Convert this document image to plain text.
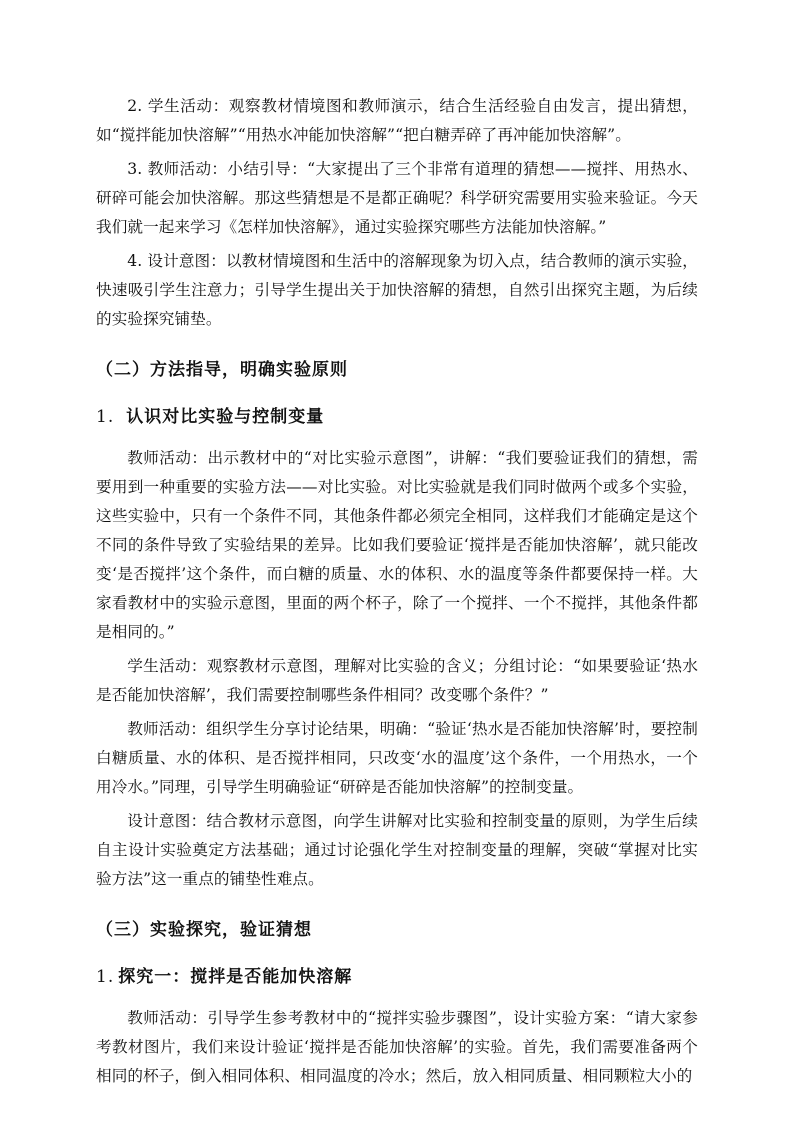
2. 学生活动：观察教材情境图和教师演示，结合生活经验自由发言，提出猜想，如“搅拌能加快溶解”“用热水冲能加快溶解”“把白糖弄碎了再冲能加快溶解”。

3. 教师活动：小结引导：“大家提出了三个非常有道理的猜想——搅拌、用热水、研碎可能会加快溶解。那这些猜想是不是都正确呢？科学研究需要用实验来验证。今天我们就一起来学习《怎样加快溶解》，通过实验探究哪些方法能加快溶解。”

4. 设计意图：以教材情境图和生活中的溶解现象为切入点，结合教师的演示实验，快速吸引学生注意力；引导学生提出关于加快溶解的猜想，自然引出探究主题，为后续的实验探究铺垫。

（二）方法指导，明确实验原则
1. 认识对比实验与控制变量

教师活动：出示教材中的“对比实验示意图”，讲解：“我们要验证我们的猜想，需要用到一种重要的实验方法——对比实验。对比实验就是我们同时做两个或多个实验，这些实验中，只有一个条件不同，其他条件都必须完全相同，这样我们才能确定是这个不同的条件导致了实验结果的差异。比如我们要验证‘搅拌是否能加快溶解’，就只能改变‘是否搅拌’这个条件，而白糖的质量、水的体积、水的温度等条件都要保持一样。大家看教材中的实验示意图，里面的两个杯子，除了一个搅拌、一个不搅拌，其他条件都是相同的。”

学生活动：观察教材示意图，理解对比实验的含义；分组讨论：“如果要验证‘热水是否能加快溶解’，我们需要控制哪些条件相同？改变哪个条件？”

教师活动：组织学生分享讨论结果，明确：“验证‘热水是否能加快溶解’时，要控制白糖质量、水的体积、是否搅拌相同，只改变‘水的温度’这个条件，一个用热水，一个用冷水。”同理，引导学生明确验证“研碎是否能加快溶解”的控制变量。

设计意图：结合教材示意图，向学生讲解对比实验和控制变量的原则，为学生后续自主设计实验奠定方法基础；通过讨论强化学生对控制变量的理解，突破“掌握对比实验方法”这一重点的铺垫性难点。

（三）实验探究，验证猜想
1. 探究一：搅拌是否能加快溶解

教师活动：引导学生参考教材中的“搅拌实验步骤图”，设计实验方案：“请大家参考教材图片，我们来设计验证‘搅拌是否能加快溶解’的实验。首先，我们需要准备两个相同的杯子，倒入相同体积、相同温度的冷水；然后，放入相同质量、相同颗粒大小的
